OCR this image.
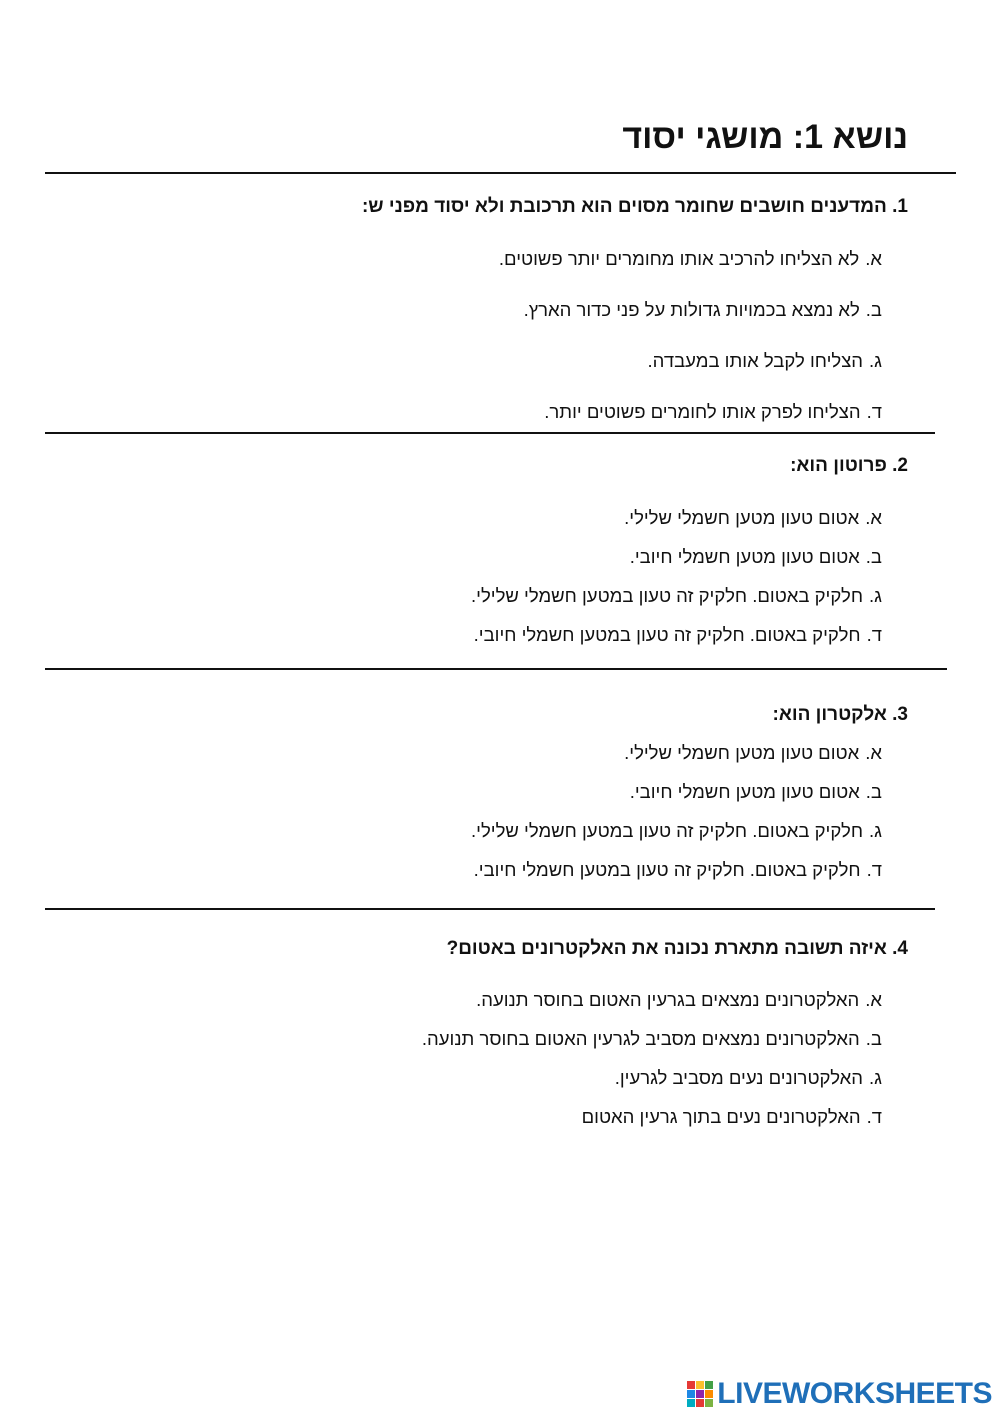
נושא 1: מושגי יסוד
1. המדענים חושבים שחומר מסוים הוא תרכובת ולא יסוד מפני ש:
א.לא הצליחו להרכיב אותו מחומרים יותר פשוטים.
ב.לא נמצא בכמויות גדולות על פני כדור הארץ.
ג.הצליחו לקבל אותו במעבדה.
ד.הצליחו לפרק אותו לחומרים פשוטים יותר.
2. פרוטון הוא:
א.אטום טעון מטען חשמלי שלילי.
ב.אטום טעון מטען חשמלי חיובי.
ג.חלקיק באטום. חלקיק זה טעון במטען חשמלי שלילי.
ד.חלקיק באטום. חלקיק זה טעון במטען חשמלי חיובי.
3. אלקטרון הוא:
א.אטום טעון מטען חשמלי שלילי.
ב.אטום טעון מטען חשמלי חיובי.
ג.חלקיק באטום. חלקיק זה טעון במטען חשמלי שלילי.
ד.חלקיק באטום. חלקיק זה טעון במטען חשמלי חיובי.
4. איזה תשובה מתארת נכונה את האלקטרונים באטום?
א.האלקטרונים נמצאים בגרעין האטום בחוסר תנועה.
ב.האלקטרונים נמצאים מסביב לגרעין האטום בחוסר תנועה.
ג.האלקטרונים נעים מסביב לגרעין.
ד.האלקטרונים נעים בתוך גרעין האטום
LIVEWORKSHEETS
